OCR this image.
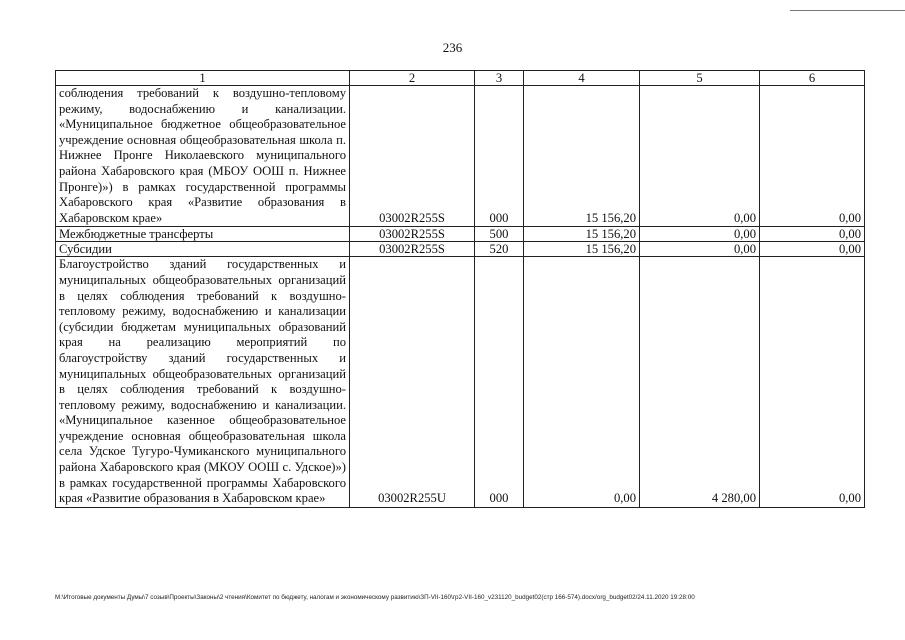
236
1	2	3	4	5	6
соблюдения требований к воздушно-тепловому режиму, водоснабжению и канализации. «Муниципальное бюджетное общеобразовательное учреждение основная общеобразовательная школа п. Нижнее Пронге Николаевского муниципального района Хабаровского края (МБОУ ООШ п. Нижнее Пронге)») в рамках государственной программы Хабаровского края «Развитие образования в Хабаровском крае»	03002R255S	000	15 156,20	0,00	0,00
Межбюджетные трансферты	03002R255S	500	15 156,20	0,00	0,00
Субсидии	03002R255S	520	15 156,20	0,00	0,00
Благоустройство зданий государственных и муниципальных общеобразовательных организаций в целях соблюдения требований к воздушно-тепловому режиму, водоснабжению и канализации (субсидии бюджетам муниципальных образований края на реализацию мероприятий по благоустройству зданий государственных и муниципальных общеобразовательных организаций в целях соблюдения требований к воздушно-тепловому режиму, водоснабжению и канализации. «Муниципальное казенное общеобразовательное учреждение основная общеобразовательная школа села Удское Тугуро-Чумиканского муниципального района Хабаровского края (МКОУ ООШ с. Удское)») в рамках государственной программы Хабаровского края «Развитие образования в Хабаровском крае»	03002R255U	000	0,00	4 280,00	0,00
M:\Итоговые документы Думы\7 созыв\Проекты\Законы\2 чтения\Комитет по бюджету, налогам и экономическому развитию\ЗП-VII-160\гр2-VII-160_v231120_budget02(стр 166-574).docx/org_budget02/24.11.2020 19:28:00
